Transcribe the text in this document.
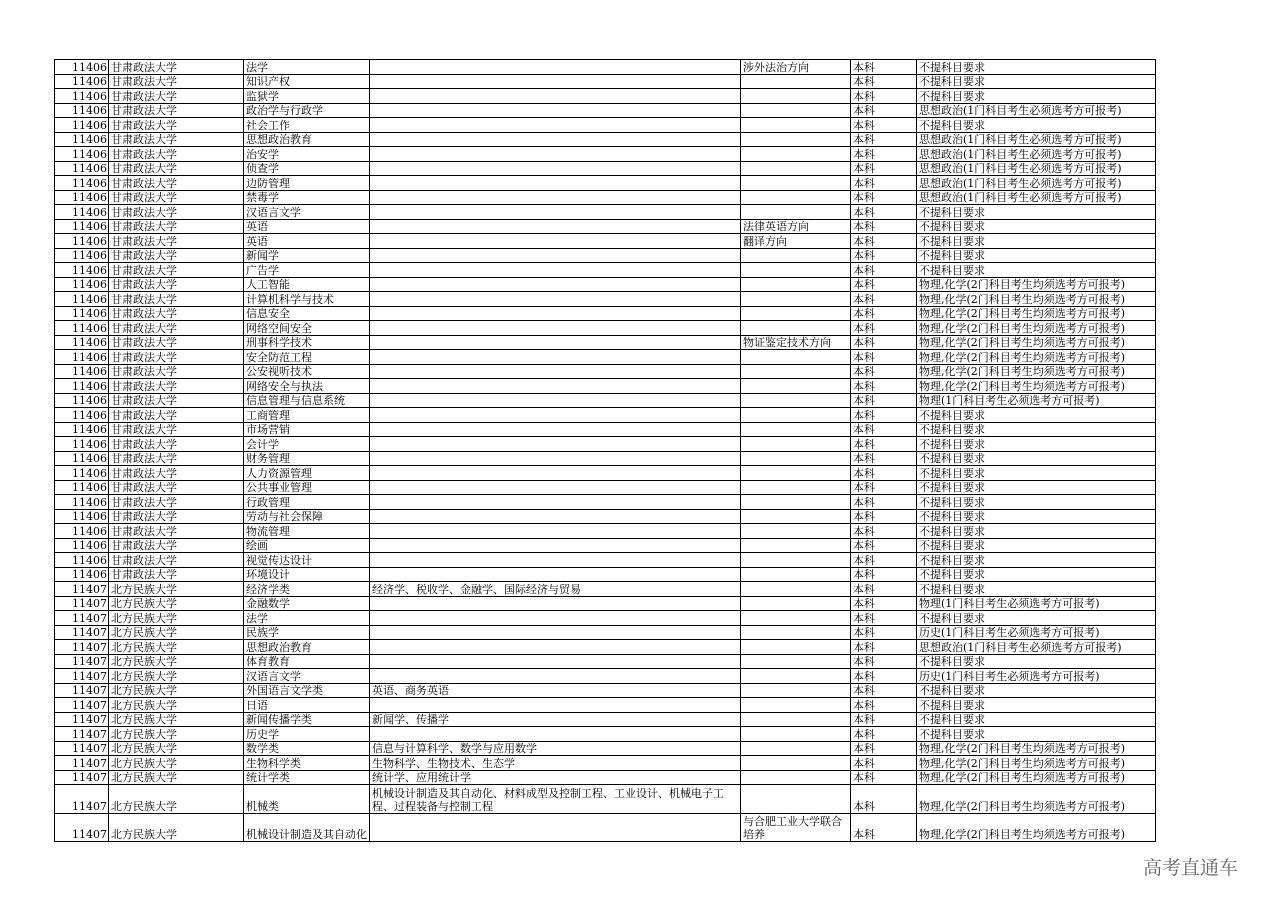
11406	甘肃政法大学	法学		涉外法治方向	本科	不提科目要求
11406	甘肃政法大学	知识产权			本科	不提科目要求
11406	甘肃政法大学	监狱学			本科	不提科目要求
11406	甘肃政法大学	政治学与行政学			本科	思想政治(1门科目考生必须选考方可报考)
11406	甘肃政法大学	社会工作			本科	不提科目要求
11406	甘肃政法大学	思想政治教育			本科	思想政治(1门科目考生必须选考方可报考)
11406	甘肃政法大学	治安学			本科	思想政治(1门科目考生必须选考方可报考)
11406	甘肃政法大学	侦查学			本科	思想政治(1门科目考生必须选考方可报考)
11406	甘肃政法大学	边防管理			本科	思想政治(1门科目考生必须选考方可报考)
11406	甘肃政法大学	禁毒学			本科	思想政治(1门科目考生必须选考方可报考)
11406	甘肃政法大学	汉语言文学			本科	不提科目要求
11406	甘肃政法大学	英语		法律英语方向	本科	不提科目要求
11406	甘肃政法大学	英语		翻译方向	本科	不提科目要求
11406	甘肃政法大学	新闻学			本科	不提科目要求
11406	甘肃政法大学	广告学			本科	不提科目要求
11406	甘肃政法大学	人工智能			本科	物理,化学(2门科目考生均须选考方可报考)
11406	甘肃政法大学	计算机科学与技术			本科	物理,化学(2门科目考生均须选考方可报考)
11406	甘肃政法大学	信息安全			本科	物理,化学(2门科目考生均须选考方可报考)
11406	甘肃政法大学	网络空间安全			本科	物理,化学(2门科目考生均须选考方可报考)
11406	甘肃政法大学	刑事科学技术		物证鉴定技术方向	本科	物理,化学(2门科目考生均须选考方可报考)
11406	甘肃政法大学	安全防范工程			本科	物理,化学(2门科目考生均须选考方可报考)
11406	甘肃政法大学	公安视听技术			本科	物理,化学(2门科目考生均须选考方可报考)
11406	甘肃政法大学	网络安全与执法			本科	物理,化学(2门科目考生均须选考方可报考)
11406	甘肃政法大学	信息管理与信息系统			本科	物理(1门科目考生必须选考方可报考)
11406	甘肃政法大学	工商管理			本科	不提科目要求
11406	甘肃政法大学	市场营销			本科	不提科目要求
11406	甘肃政法大学	会计学			本科	不提科目要求
11406	甘肃政法大学	财务管理			本科	不提科目要求
11406	甘肃政法大学	人力资源管理			本科	不提科目要求
11406	甘肃政法大学	公共事业管理			本科	不提科目要求
11406	甘肃政法大学	行政管理			本科	不提科目要求
11406	甘肃政法大学	劳动与社会保障			本科	不提科目要求
11406	甘肃政法大学	物流管理			本科	不提科目要求
11406	甘肃政法大学	绘画			本科	不提科目要求
11406	甘肃政法大学	视觉传达设计			本科	不提科目要求
11406	甘肃政法大学	环境设计			本科	不提科目要求
11407	北方民族大学	经济学类	经济学、税收学、金融学、国际经济与贸易		本科	不提科目要求
11407	北方民族大学	金融数学			本科	物理(1门科目考生必须选考方可报考)
11407	北方民族大学	法学			本科	不提科目要求
11407	北方民族大学	民族学			本科	历史(1门科目考生必须选考方可报考)
11407	北方民族大学	思想政治教育			本科	思想政治(1门科目考生必须选考方可报考)
11407	北方民族大学	体育教育			本科	不提科目要求
11407	北方民族大学	汉语言文学			本科	历史(1门科目考生必须选考方可报考)
11407	北方民族大学	外国语言文学类	英语、商务英语		本科	不提科目要求
11407	北方民族大学	日语			本科	不提科目要求
11407	北方民族大学	新闻传播学类	新闻学、传播学		本科	不提科目要求
11407	北方民族大学	历史学			本科	不提科目要求
11407	北方民族大学	数学类	信息与计算科学、数学与应用数学		本科	物理,化学(2门科目考生均须选考方可报考)
11407	北方民族大学	生物科学类	生物科学、生物技术、生态学		本科	物理,化学(2门科目考生均须选考方可报考)
11407	北方民族大学	统计学类	统计学、应用统计学		本科	物理,化学(2门科目考生均须选考方可报考)
11407	北方民族大学	机械类	机械设计制造及其自动化、材料成型及控制工程、工业设计、机械电子工程、过程装备与控制工程		本科	物理,化学(2门科目考生均须选考方可报考)
11407	北方民族大学	机械设计制造及其自动化		与合肥工业大学联合培养	本科	物理,化学(2门科目考生均须选考方可报考)
高考直通车
